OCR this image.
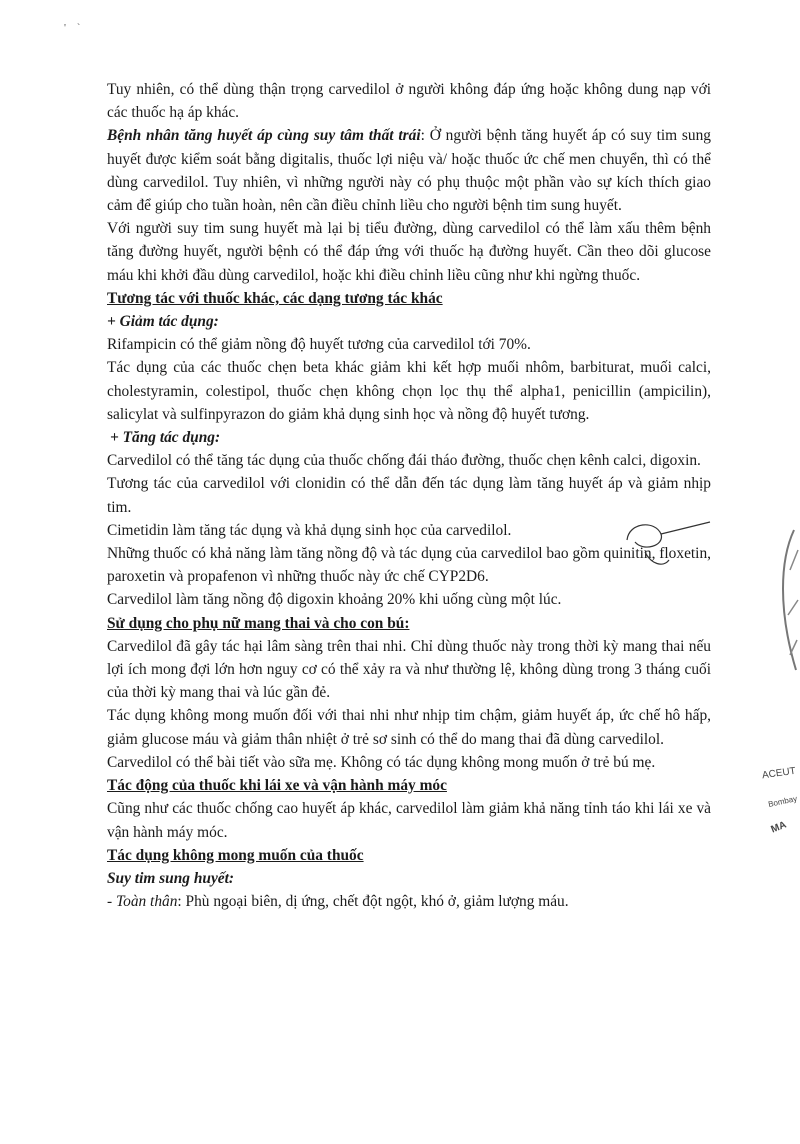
' `

Tuy nhiên, có thể dùng thận trọng carvedilol ở người không đáp ứng hoặc không dung nạp với các thuốc hạ áp khác.

Bệnh nhân tăng huyết áp cùng suy tâm thất trái: Ở người bệnh tăng huyết áp có suy tim sung huyết được kiểm soát bằng digitalis, thuốc lợi niệu và/ hoặc thuốc ức chế men chuyển, thì có thể dùng carvedilol. Tuy nhiên, vì những người này có phụ thuộc một phần vào sự kích thích giao cảm để giúp cho tuần hoàn, nên cần điều chỉnh liều cho người bệnh tim sung huyết.

Với người suy tim sung huyết mà lại bị tiểu đường, dùng carvedilol có thể làm xấu thêm bệnh tăng đường huyết, người bệnh có thể đáp ứng với thuốc hạ đường huyết. Cần theo dõi glucose máu khi khởi đầu dùng carvedilol, hoặc khi điều chỉnh liều cũng như khi ngừng thuốc.

Tương tác với thuốc khác, các dạng tương tác khác

+ Giảm tác dụng:

Rifampicin có thể giảm nồng độ huyết tương của carvedilol tới 70%.

Tác dụng của các thuốc chẹn beta khác giảm khi kết hợp muối nhôm, barbiturat, muối calci, cholestyramin, colestipol, thuốc chẹn không chọn lọc thụ thể alpha1, penicillin (ampicilin), salicylat và sulfinpyrazon do giảm khả dụng sinh học và nồng độ huyết tương.

+ Tăng tác dụng:

Carvedilol có thể tăng tác dụng của thuốc chống đái tháo đường, thuốc chẹn kênh calci, digoxin.

Tương tác của carvedilol với clonidin có thể dẫn đến tác dụng làm tăng huyết áp và giảm nhịp tim.

Cimetidin làm tăng tác dụng và khả dụng sinh học của carvedilol.

Những thuốc có khả năng làm tăng nồng độ và tác dụng của carvedilol bao gồm quinitin, floxetin, paroxetin và propafenon vì những thuốc này ức chế CYP2D6.

Carvedilol làm tăng nồng độ digoxin khoảng 20% khi uống cùng một lúc.

Sử dụng cho phụ nữ mang thai và cho con bú:

Carvedilol đã gây tác hại lâm sàng trên thai nhi. Chỉ dùng thuốc này trong thời kỳ mang thai nếu lợi ích mong đợi lớn hơn nguy cơ có thể xảy ra và như thường lệ, không dùng trong 3 tháng cuối của thời kỳ mang thai và lúc gần đẻ.

Tác dụng không mong muốn đối với thai nhi như nhịp tim chậm, giảm huyết áp, ức chế hô hấp, giảm glucose máu và giảm thân nhiệt ở trẻ sơ sinh có thể do mang thai đã dùng carvedilol.

Carvedilol có thể bài tiết vào sữa mẹ. Không có tác dụng không mong muốn ở trẻ bú mẹ.

Tác động của thuốc khi lái xe và vận hành máy móc

Cũng như các thuốc chống cao huyết áp khác, carvedilol làm giảm khả năng tỉnh táo khi lái xe và vận hành máy móc.

Tác dụng không mong muốn của thuốc

Suy tim sung huyết:

- Toàn thân: Phù ngoại biên, dị ứng, chết đột ngột, khó ở, giảm lượng máu.

ACEUT
Bombay
MA
